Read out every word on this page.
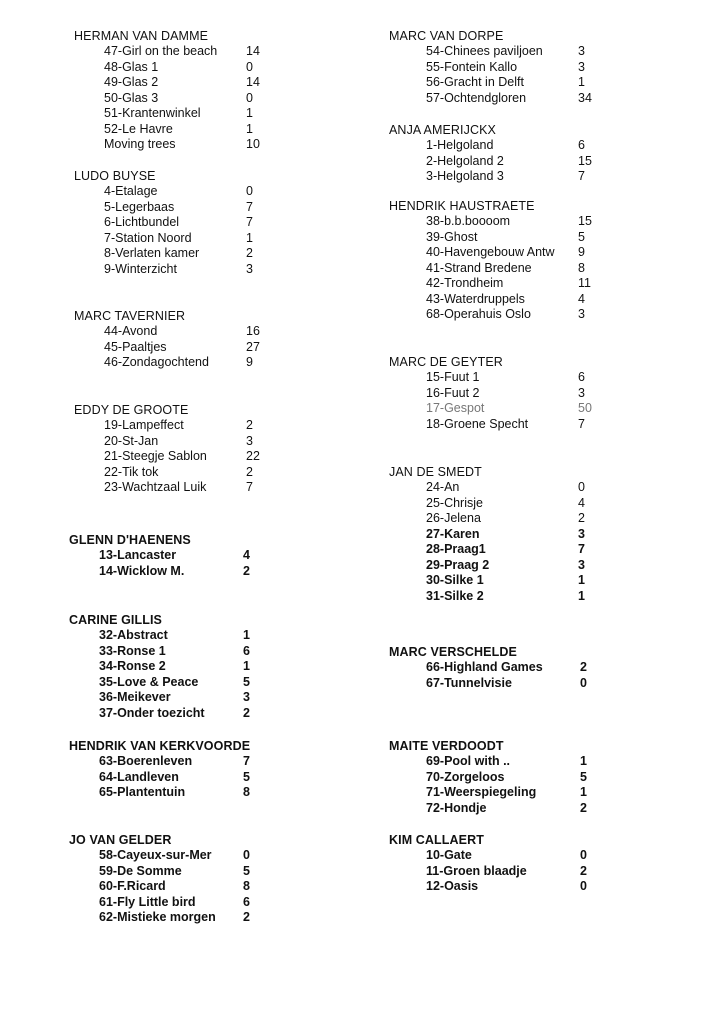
HERMAN VAN DAMME
47-Girl on the beach 14
48-Glas 1	0
49-Glas 2	14
50-Glas 3	0
51-Krantenwinkel	1
52-Le Havre	1
Moving trees	10
LUDO BUYSE
4-Etalage	0
5-Legerbaas	7
6-Lichtbundel	7
7-Station Noord	1
8-Verlaten kamer	2
9-Winterzicht	3
MARC TAVERNIER
44-Avond	16
45-Paaltjes	27
46-Zondagochtend	9
EDDY DE GROOTE
19-Lampeffect	2
20-St-Jan	3
21-Steegje Sablon	22
22-Tik tok	2
23-Wachtzaal Luik	7
GLENN D'HAENENS
13-Lancaster	4
14-Wicklow M.	2
CARINE GILLIS
32-Abstract	1
33-Ronse 1	6
34-Ronse 2	1
35-Love & Peace	5
36-Meikever	3
37-Onder toezicht	2
HENDRIK VAN KERKVOORDE
63-Boerenleven	7
64-Landleven	5
65-Plantentuin	8
JO VAN GELDER
58-Cayeux-sur-Mer	0
59-De Somme	5
60-F.Ricard	8
61-Fly Little bird	6
62-Mistieke morgen 2
MARC VAN DORPE
54-Chinees paviljoen	3
55-Fontein Kallo	3
56-Gracht in Delft	1
57-Ochtendgloren	34
ANJA AMERIJCKX
1-Helgoland	6
2-Helgoland 2	15
3-Helgoland 3	7
HENDRIK HAUSTRAETE
38-b.b.boooom	15
39-Ghost	5
40-Havengebouw Antw 9
41-Strand Bredene	8
42-Trondheim	11
43-Waterdruppels	4
68-Operahuis Oslo	3
MARC DE GEYTER
15-Fuut 1	6
16-Fuut 2	3
17-Gespot	50
18-Groene Specht	7
JAN DE SMEDT
24-An	0
25-Chrisje	4
26-Jelena	2
27-Karen	3
28-Praag1	7
29-Praag 2	3
30-Silke 1	1
31-Silke 2	1
MARC VERSCHELDE
66-Highland Games	2
67-Tunnelvisie	0
MAITE VERDOODT
69-Pool with ..	1
70-Zorgeloos	5
71-Weerspiegeling	1
72-Hondje	2
KIM CALLAERT
10-Gate	0
11-Groen blaadje	2
12-Oasis	0
